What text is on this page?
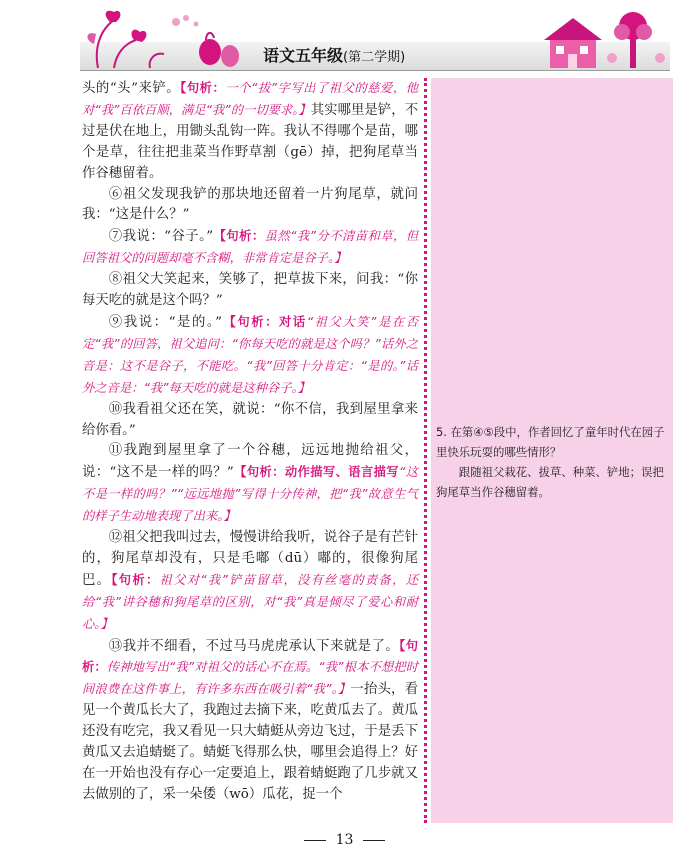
语文五年级(第二学期)

头的“头”来铲。【句析：一个“拔”字写出了祖父的慈爱，他对“我”百依百顺，满足“我”的一切要求。】其实哪里是铲，不过是伏在地上，用锄头乱钩一阵。我认不得哪个是苗，哪个是草，往往把韭菜当作野草割（gē）掉，把狗尾草当作谷穗留着。

⑥祖父发现我铲的那块地还留着一片狗尾草，就问我：“这是什么？”

⑦我说：“谷子。”【句析：虽然“我”分不清苗和草，但回答祖父的问题却毫不含糊，非常肯定是谷子。】

⑧祖父大笑起来，笑够了，把草拔下来，问我：“你每天吃的就是这个吗？”

⑨我说：“是的。”【句析：对话“祖父大笑”是在否定“我”的回答，祖父追问：“你每天吃的就是这个吗？”话外之音是：这不是谷子，不能吃。“我”回答十分肯定：“是的。”话外之音是：“我”每天吃的就是这种谷子。】

⑩我看祖父还在笑，就说：“你不信，我到屋里拿来给你看。”

⑪我跑到屋里拿了一个谷穗，远远地抛给祖父，说：“这不是一样的吗？”【句析：动作描写、语言描写“这不是一样的吗？”“远远地抛”写得十分传神，把“我”故意生气的样子生动地表现了出来。】

⑫祖父把我叫过去，慢慢讲给我听，说谷子是有芒针的，狗尾草却没有，只是毛嘟（dū）嘟的，很像狗尾巴。【句析：祖父对“我”铲苗留草，没有丝毫的责备，还给“我”讲谷穗和狗尾草的区别，对“我”真是倾尽了爱心和耐心。】

⑬我并不细看，不过马马虎虎承认下来就是了。【句析：传神地写出“我”对祖父的话心不在焉。“我”根本不想把时间浪费在这件事上，有许多东西在吸引着“我”。】一抬头，看见一个黄瓜长大了，我跑过去摘下来，吃黄瓜去了。黄瓜还没有吃完，我又看见一只大蜻蜓从旁边飞过，于是丢下黄瓜又去追蜻蜓了。蜻蜓飞得那么快，哪里会追得上？好在一开始也没有存心一定要追上，跟着蜻蜓跑了几步就又去做别的了，采一朵倭（wō）瓜花，捉一个

5. 在第④⑤段中，作者回忆了童年时代在园子里快乐玩耍的哪些情形？

跟随祖父栽花、拔草、种菜、铲地；误把狗尾草当作谷穗留着。

13
